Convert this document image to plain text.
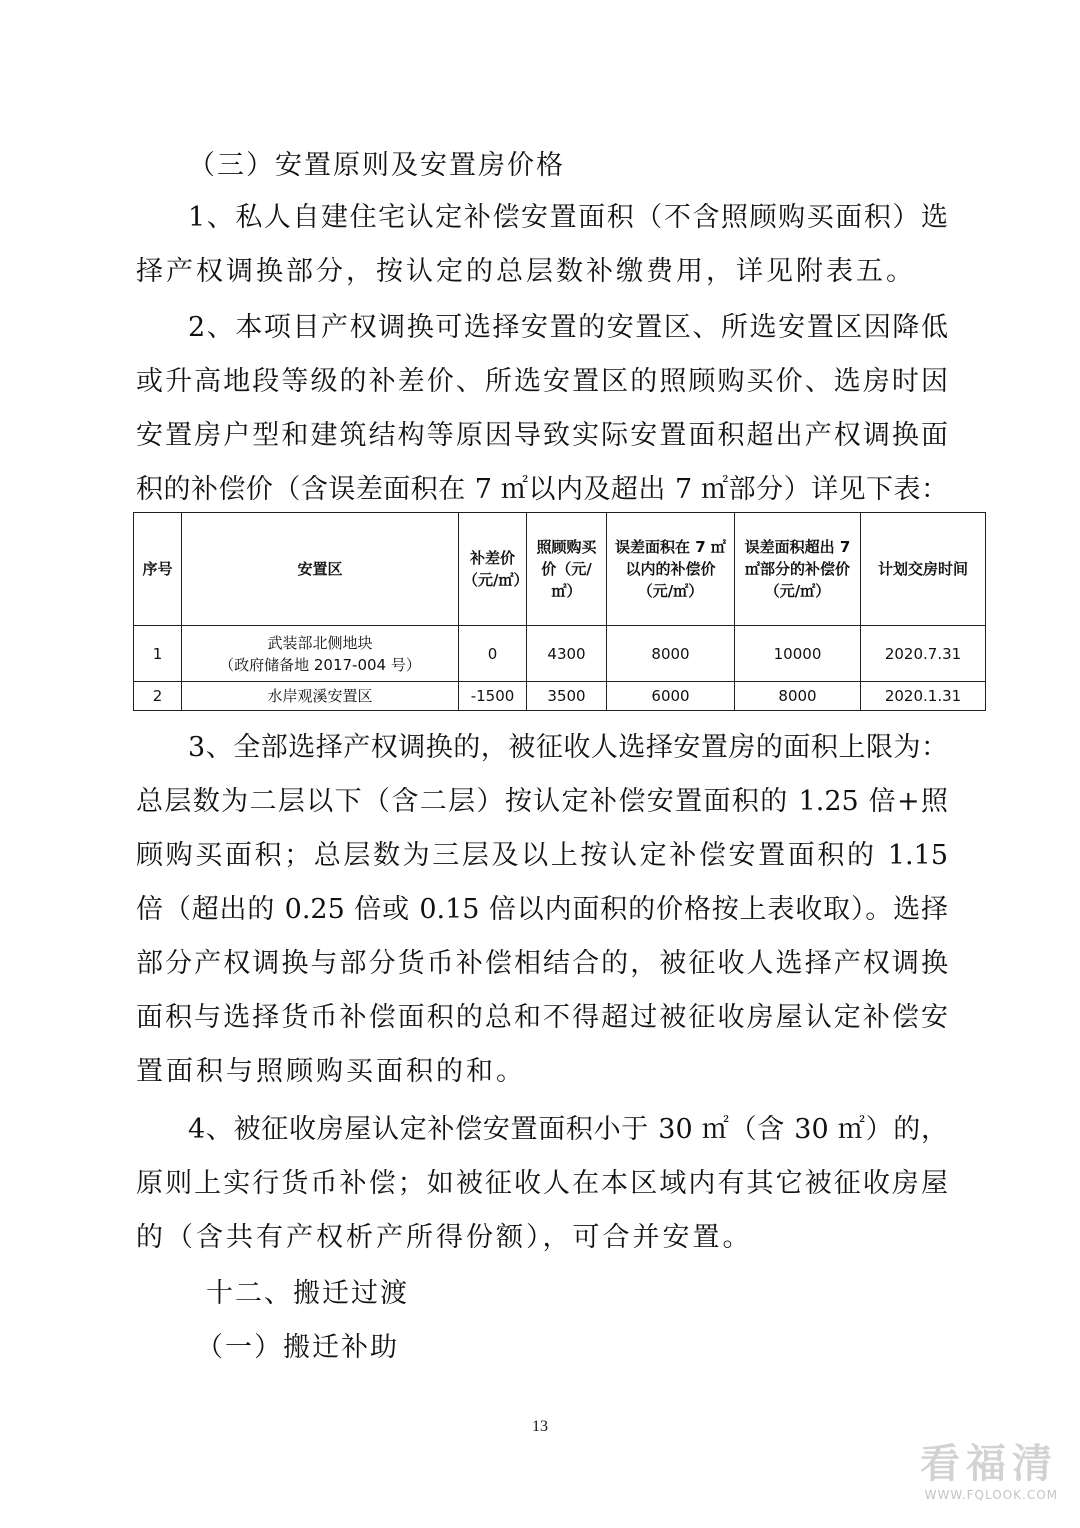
（三）安置原则及安置房价格
1、私人自建住宅认定补偿安置面积（不含照顾购买面积）选
择产权调换部分，按认定的总层数补缴费用，详见附表五。
2、本项目产权调换可选择安置的安置区、所选安置区因降低
或升高地段等级的补差价、所选安置区的照顾购买价、选房时因
安置房户型和建筑结构等原因导致实际安置面积超出产权调换面
积的补偿价（含误差面积在 7 ㎡以内及超出 7 ㎡部分）详见下表：
序号	安置区	补差价（元/㎡）	照顾购买价（元/㎡）	误差面积在 7 ㎡以内的补偿价（元/㎡）	误差面积超出 7 ㎡部分的补偿价（元/㎡）	计划交房时间
1	武装部北侧地块
（政府储备地 2017-004 号）	0	4300	8000	10000	2020.7.31
2	水岸观溪安置区	-1500	3500	6000	8000	2020.1.31
3、全部选择产权调换的，被征收人选择安置房的面积上限为：
总层数为二层以下（含二层）按认定补偿安置面积的 1.25 倍+照
顾购买面积；总层数为三层及以上按认定补偿安置面积的 1.15
倍（超出的 0.25 倍或 0.15 倍以内面积的价格按上表收取）。选择
部分产权调换与部分货币补偿相结合的，被征收人选择产权调换
面积与选择货币补偿面积的总和不得超过被征收房屋认定补偿安
置面积与照顾购买面积的和。
4、被征收房屋认定补偿安置面积小于 30 ㎡（含 30 ㎡）的，
原则上实行货币补偿；如被征收人在本区域内有其它被征收房屋
的（含共有产权析产所得份额），可合并安置。
十二、搬迁过渡
（一）搬迁补助
13
看福清
WWW.FQLOOK.COM
